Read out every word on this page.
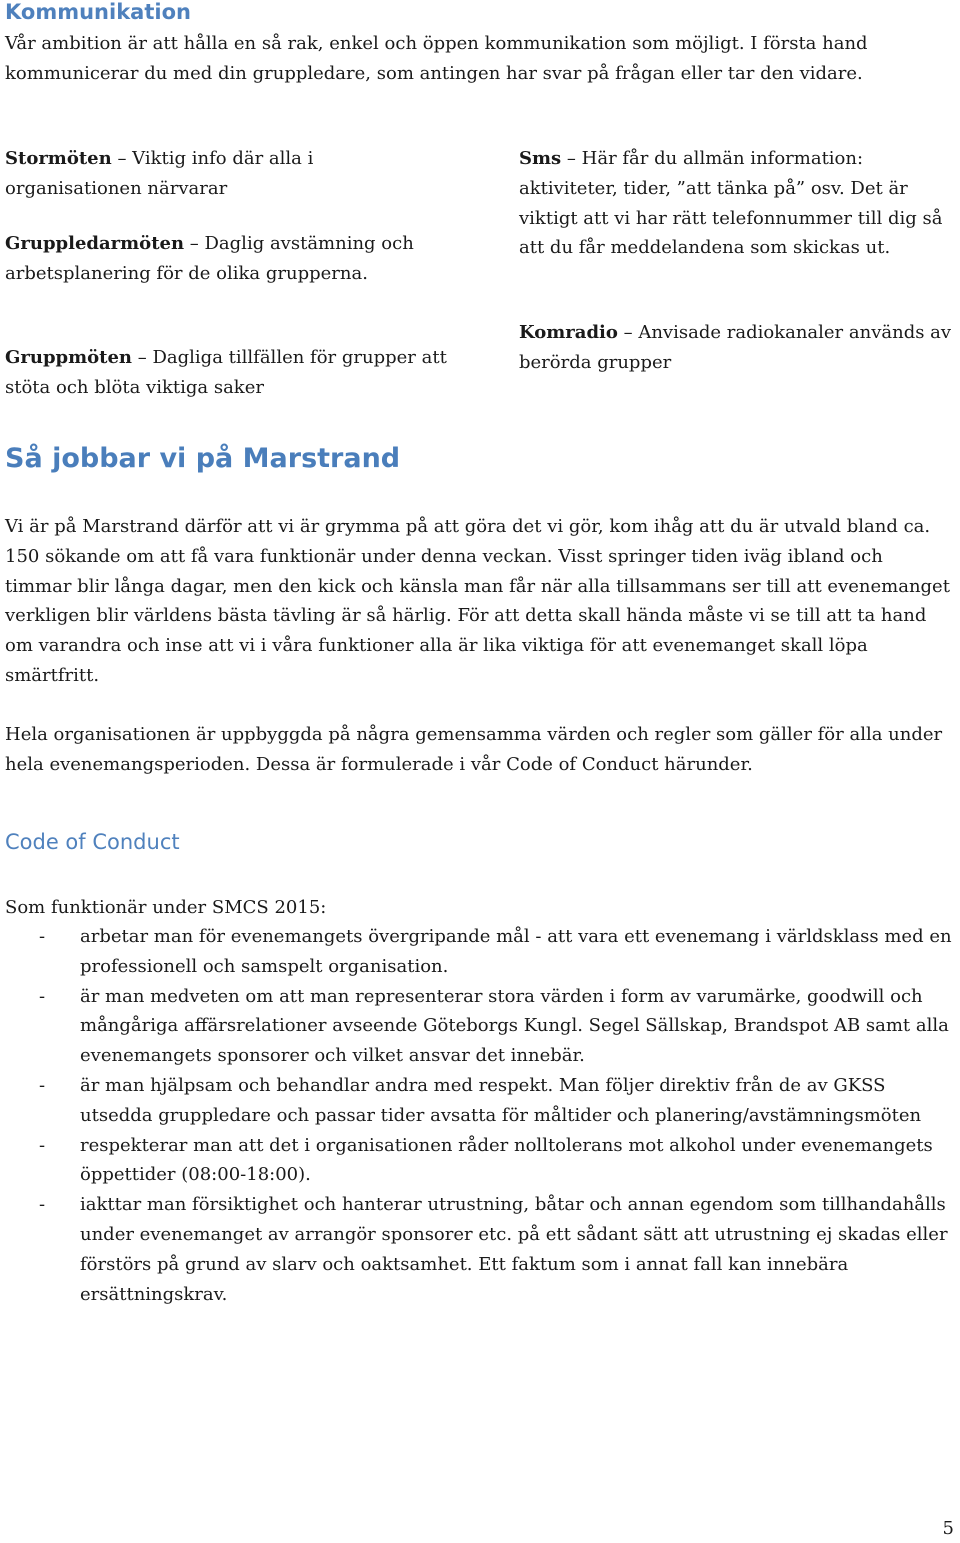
Kommunikation

Vår ambition är att hålla en så rak, enkel och öppen kommunikation som möjligt. I första hand kommunicerar du med din gruppledare, som antingen har svar på frågan eller tar den vidare.

Stormöten – Viktig info där alla i organisationen närvarar

Gruppledarmöten – Daglig avstämning och arbetsplanering för de olika grupperna.

Gruppmöten – Dagliga tillfällen för grupper att stöta och blöta viktiga saker

Sms – Här får du allmän information: aktiviteter, tider, ”att tänka på” osv. Det är viktigt att vi har rätt telefonnummer till dig så att du får meddelandena som skickas ut.

Komradio – Anvisade radiokanaler används av berörda grupper

Så jobbar vi på Marstrand

Vi är på Marstrand därför att vi är grymma på att göra det vi gör, kom ihåg att du är utvald bland ca. 150 sökande om att få vara funktionär under denna veckan. Visst springer tiden iväg ibland och timmar blir långa dagar, men den kick och känsla man får när alla tillsammans ser till att evenemanget verkligen blir världens bästa tävling är så härlig. För att detta skall hända måste vi se till att ta hand om varandra och inse att vi i våra funktioner alla är lika viktiga för att evenemanget skall löpa smärtfritt.

Hela organisationen är uppbyggda på några gemensamma värden och regler som gäller för alla under hela evenemangsperioden. Dessa är formulerade i vår Code of Conduct härunder.

Code of Conduct

Som funktionär under SMCS 2015:

- arbetar man för evenemangets övergripande mål - att vara ett evenemang i världsklass med en professionell och samspelt organisation.
- är man medveten om att man representerar stora värden i form av varumärke, goodwill och mångåriga affärsrelationer avseende Göteborgs Kungl. Segel Sällskap, Brandspot AB samt alla evenemangets sponsorer och vilket ansvar det innebär.
- är man hjälpsam och behandlar andra med respekt. Man följer direktiv från de av GKSS utsedda gruppledare och passar tider avsatta för måltider och planering/avstämningsmöten
- respekterar man att det i organisationen råder nolltolerans mot alkohol under evenemangets öppettider (08:00-18:00).
- iakttar man försiktighet och hanterar utrustning, båtar och annan egendom som tillhandahålls under evenemanget av arrangör sponsorer etc. på ett sådant sätt att utrustning ej skadas eller förstörs på grund av slarv och oaktsamhet. Ett faktum som i annat fall kan innebära ersättningskrav.
5
